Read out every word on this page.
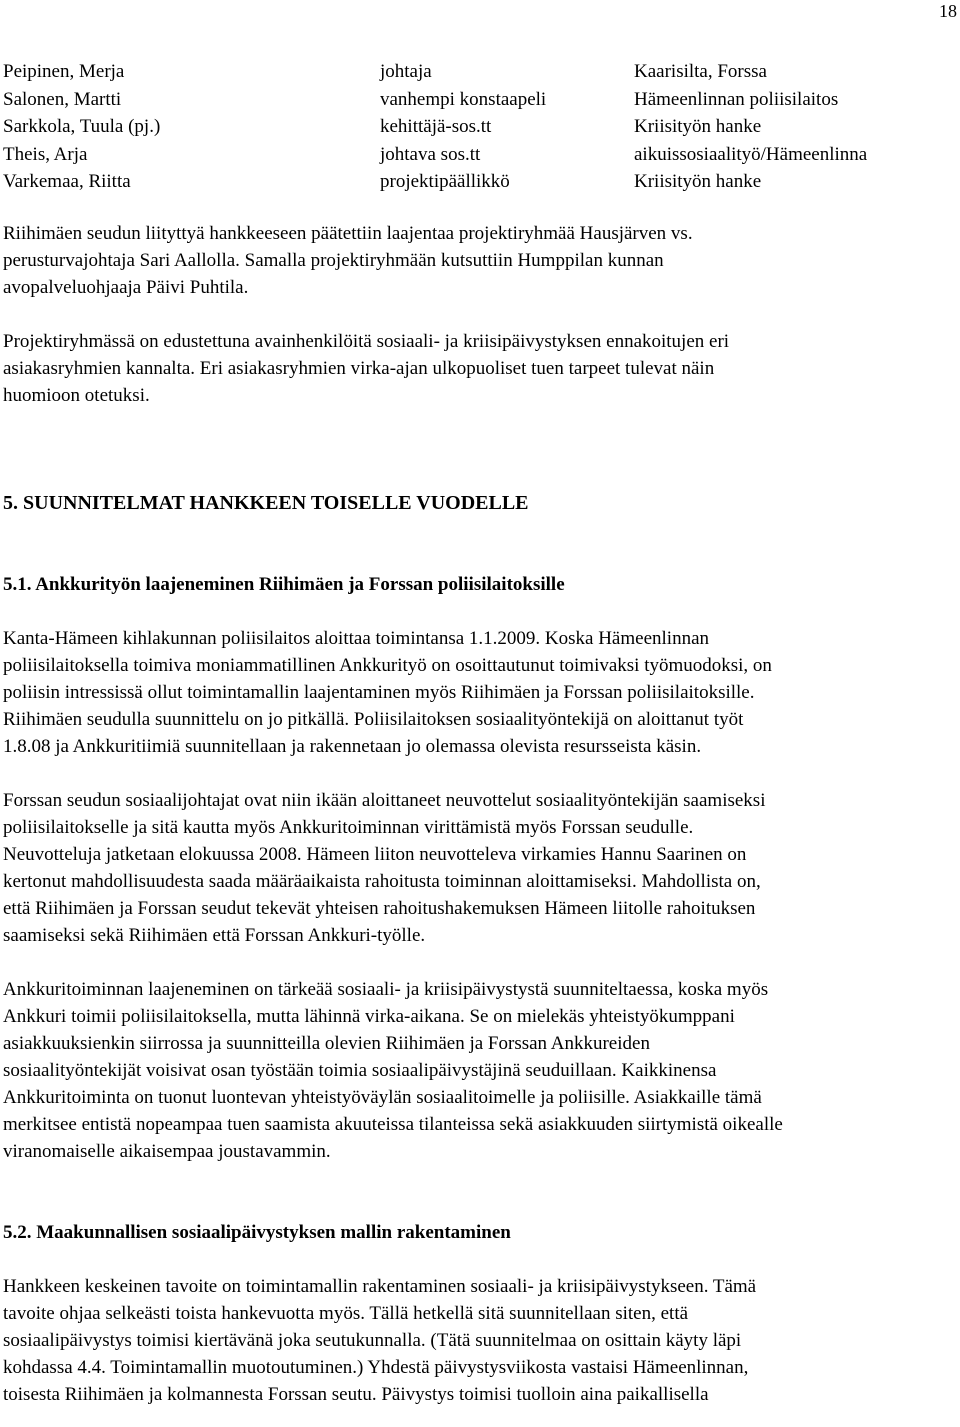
18
Peipinen, Merja	johtaja	Kaarisilta, Forssa
Salonen, Martti	vanhempi konstaapeli	Hämeenlinnan poliisilaitos
Sarkkola, Tuula (pj.)	kehittäjä-sos.tt	Kriisityön hanke
Theis, Arja	johtava sos.tt	aikuissosiaalityö/Hämeenlinna
Varkemaa, Riitta	projektipäällikkö	Kriisityön hanke

Riihimäen seudun liityttyä hankkeeseen päätettiin laajentaa projektiryhmää Hausjärven vs.
perusturvajohtaja Sari Aallolla. Samalla projektiryhmään kutsuttiin Humppilan kunnan
avopalveluohjaaja Päivi Puhtila.

Projektiryhmässä on edustettuna avainhenkilöitä sosiaali- ja kriisipäivystyksen ennakoitujen eri
asiakasryhmien kannalta. Eri asiakasryhmien virka-ajan ulkopuoliset tuen tarpeet tulevat näin
huomioon otetuksi.

5. SUUNNITELMAT HANKKEEN TOISELLE VUODELLE
5.1. Ankkurityön laajeneminen Riihimäen ja Forssan poliisilaitoksille

Kanta-Hämeen kihlakunnan poliisilaitos aloittaa toimintansa 1.1.2009. Koska Hämeenlinnan
poliisilaitoksella toimiva moniammatillinen Ankkurityö on osoittautunut toimivaksi työmuodoksi, on
poliisin intressissä ollut toimintamallin laajentaminen myös Riihimäen ja Forssan poliisilaitoksille.
Riihimäen seudulla suunnittelu on jo pitkällä. Poliisilaitoksen sosiaalityöntekijä on aloittanut työt
1.8.08 ja Ankkuritiimiä suunnitellaan ja rakennetaan jo olemassa olevista resursseista käsin.

Forssan seudun sosiaalijohtajat ovat niin ikään aloittaneet neuvottelut sosiaalityöntekijän saamiseksi
poliisilaitokselle ja sitä kautta myös Ankkuritoiminnan virittämistä myös Forssan seudulle.
Neuvotteluja jatketaan elokuussa 2008. Hämeen liiton neuvotteleva virkamies Hannu Saarinen on
kertonut mahdollisuudesta saada määräaikaista rahoitusta toiminnan aloittamiseksi. Mahdollista on,
että Riihimäen ja Forssan seudut tekevät yhteisen rahoitushakemuksen Hämeen liitolle rahoituksen
saamiseksi sekä Riihimäen että Forssan Ankkuri-työlle.

Ankkuritoiminnan laajeneminen on tärkeää sosiaali- ja kriisipäivystystä suunniteltaessa, koska myös
Ankkuri toimii poliisilaitoksella, mutta lähinnä virka-aikana. Se on mielekäs yhteistyökumppani
asiakkuuksienkin siirrossa ja suunnitteilla olevien Riihimäen ja Forssan Ankkureiden
sosiaalityöntekijät voisivat osan työstään toimia sosiaalipäivystäjinä seuduillaan. Kaikkinensa
Ankkuritoiminta on tuonut luontevan yhteistyöväylän sosiaalitoimelle ja poliisille. Asiakkaille tämä
merkitsee entistä nopeampaa tuen saamista akuuteissa tilanteissa sekä asiakkuuden siirtymistä oikealle
viranomaiselle aikaisempaa joustavammin.

5.2. Maakunnallisen sosiaalipäivystyksen mallin rakentaminen

Hankkeen keskeinen tavoite on toimintamallin rakentaminen sosiaali- ja kriisipäivystykseen. Tämä
tavoite ohjaa selkeästi toista hankevuotta myös. Tällä hetkellä sitä suunnitellaan siten, että
sosiaalipäivystys toimisi kiertävänä joka seutukunnalla. (Tätä suunnitelmaa on osittain käyty läpi
kohdassa 4.4. Toimintamallin muotoutuminen.) Yhdestä päivystysviikosta vastaisi Hämeenlinnan,
toisesta Riihimäen ja kolmannesta Forssan seutu. Päivystys toimisi tuolloin aina paikallisella
